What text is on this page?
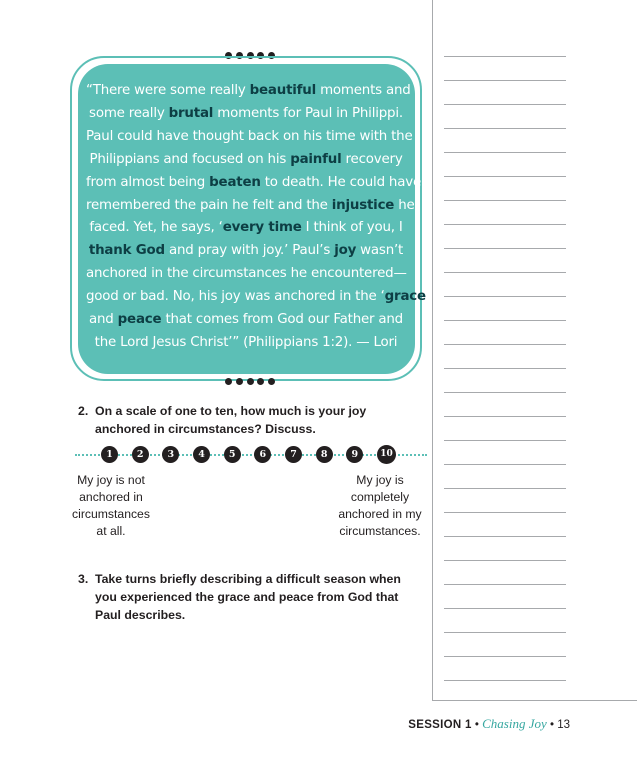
“There were some really beautiful moments and
some really brutal moments for Paul in Philippi.
Paul could have thought back on his time with the
Philippians and focused on his painful recovery
from almost being beaten to death. He could have
remembered the pain he felt and the injustice he
faced. Yet, he says, ‘every time I think of you, I
thank God and pray with joy.’ Paul’s joy wasn’t
anchored in the circumstances he encountered—
good or bad. No, his joy was anchored in the ‘grace
and peace that comes from God our Father and
the Lord Jesus Christ’” (Philippians 1:2). — Lori
2. On a scale of one to ten, how much is your joy anchored in circumstances? Discuss.
1	2	3	4	5	6	7	8	9	10
My joy is not anchored in circumstances at all.
My joy is completely anchored in my circumstances.
3. Take turns briefly describing a difficult season when you experienced the grace and peace from God that Paul describes.
SESSION 1 • Chasing Joy • 13
